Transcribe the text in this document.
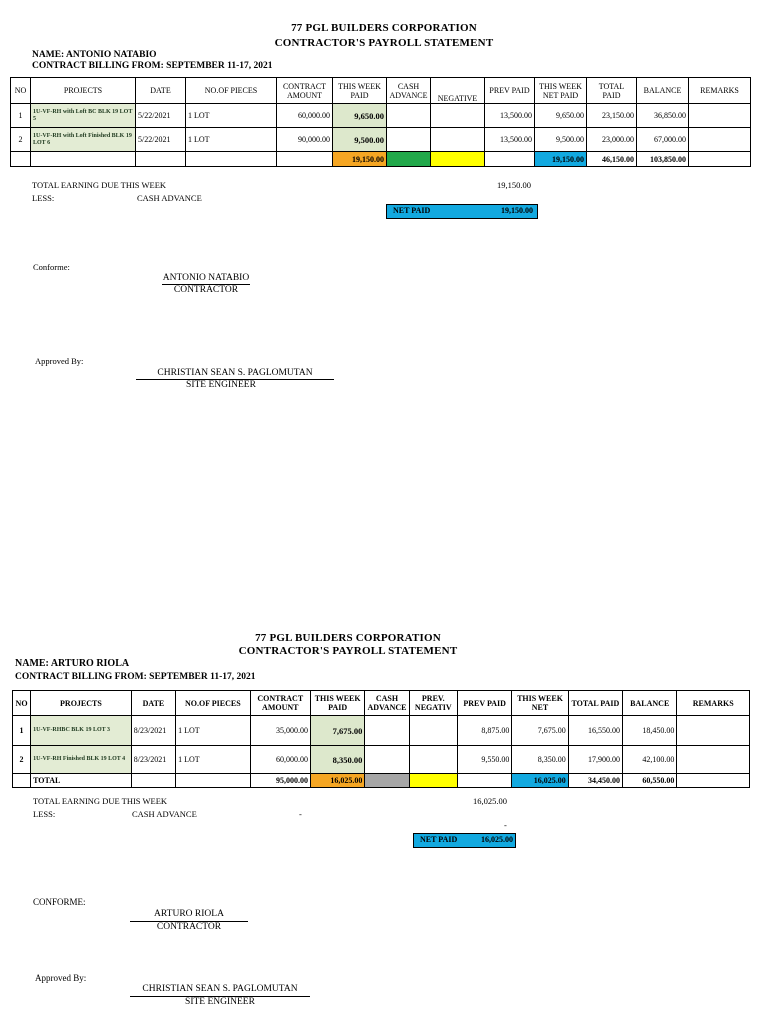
77 PGL BUILDERS CORPORATION
CONTRACTOR'S PAYROLL STATEMENT
NAME: ANTONIO NATABIO
CONTRACT BILLING FROM: SEPTEMBER 11-17, 2021
NO	PROJECTS	DATE	NO.OF PIECES	CONTRACT AMOUNT	THIS WEEK PAID	CASH ADVANCE	NEGATIVE	PREV PAID	THIS WEEK NET PAID	TOTAL PAID	BALANCE	REMARKS
1	1U-VF-RH with Loft BC BLK 19 LOT 5	5/22/2021	1 LOT	60,000.00	9,650.00			13,500.00	9,650.00	23,150.00	36,850.00	
2	1U-VF-RH with Loft Finished BLK 19 LOT 6	5/22/2021	1 LOT	90,000.00	9,500.00			13,500.00	9,500.00	23,000.00	67,000.00	
					19,150.00				19,150.00	46,150.00	103,850.00	
TOTAL EARNING DUE THIS WEEK	19,150.00
LESS:	CASH ADVANCE
NET PAID	19,150.00
Conforme:
ANTONIO NATABIO
CONTRACTOR
Approved By:
CHRISTIAN SEAN S. PAGLOMUTAN
SITE ENGINEER
77 PGL BUILDERS CORPORATION
CONTRACTOR'S PAYROLL STATEMENT
NAME: ARTURO RIOLA
CONTRACT BILLING FROM: SEPTEMBER 11-17, 2021
NO	PROJECTS	DATE	NO.OF PIECES	CONTRACT AMOUNT	THIS WEEK PAID	CASH ADVANCE	PREV. NEGATIV	PREV PAID	THIS WEEK NET	TOTAL PAID	BALANCE	REMARKS
1	1U-VF-RHBC BLK 19 LOT 3	8/23/2021	1 LOT	35,000.00	7,675.00			8,875.00	7,675.00	16,550.00	18,450.00	
2	1U-VF-RH Finished BLK 19 LOT 4	8/23/2021	1 LOT	60,000.00	8,350.00			9,550.00	8,350.00	17,900.00	42,100.00	
	TOTAL			95,000.00	16,025.00				16,025.00	34,450.00	60,550.00	
TOTAL EARNING DUE THIS WEEK	16,025.00
LESS:	CASH ADVANCE	-
-
NET PAID	16,025.00
CONFORME:
ARTURO RIOLA
CONTRACTOR
Approved By:
CHRISTIAN SEAN S. PAGLOMUTAN
SITE ENGINEER
